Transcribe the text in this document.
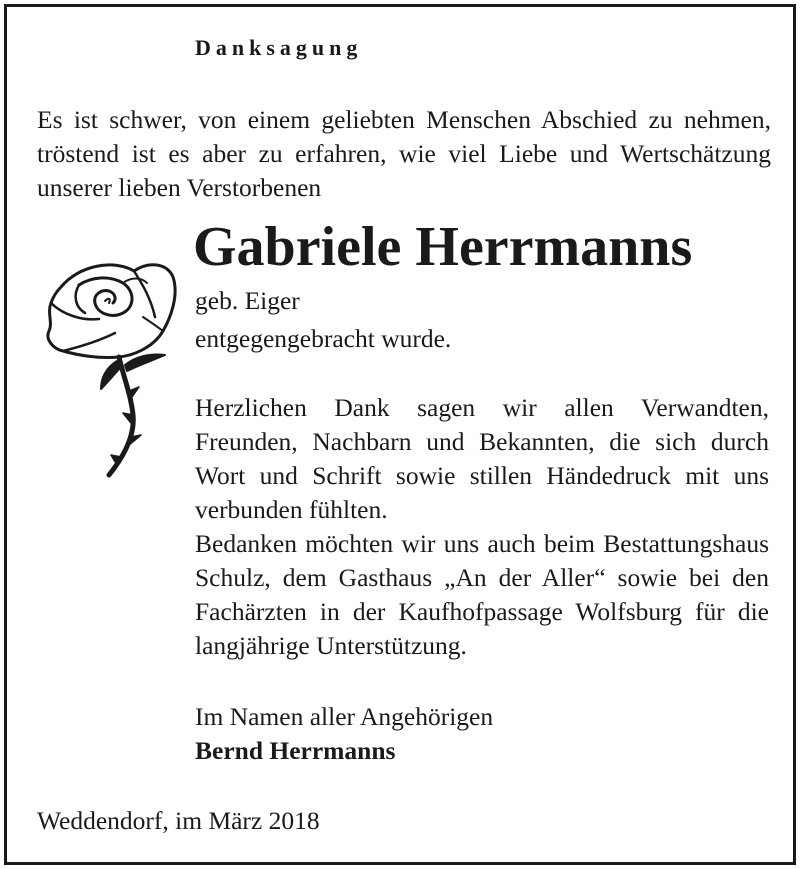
Danksagung
Es ist schwer, von einem geliebten Menschen Abschied zu nehmen, tröstend ist es aber zu erfahren, wie viel Liebe und Wertschätzung unserer lieben Verstorbenen
Gabriele Herrmanns
geb. Eiger
entgegengebracht wurde.

Herzlichen Dank sagen wir allen Verwandten, Freunden, Nachbarn und Bekannten, die sich durch Wort und Schrift sowie stillen Händedruck mit uns verbunden fühlten.

Bedanken möchten wir uns auch beim Bestattungshaus Schulz, dem Gasthaus „An der Aller“ sowie bei den Fachärzten in der Kaufhofpassage Wolfsburg für die langjährige Unterstützung.

Im Namen aller Angehörigen
Bernd Herrmanns
Weddendorf, im März 2018
